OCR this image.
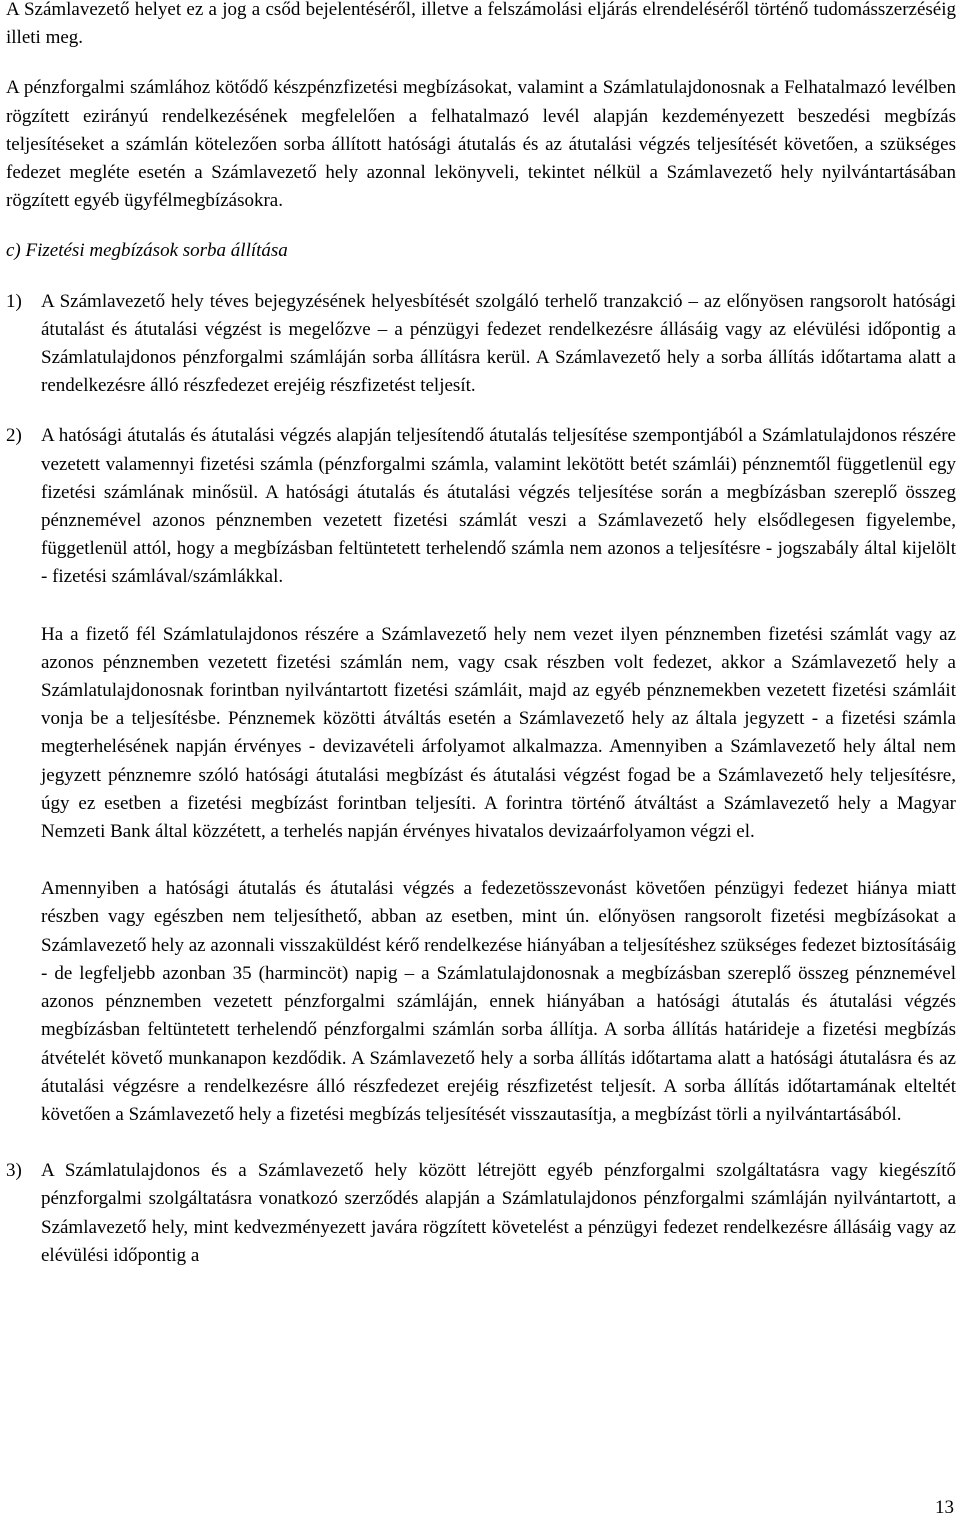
A Számlavezető helyet ez a jog a csőd bejelentéséről, illetve a felszámolási eljárás elrendeléséről történő tudomásszerzéséig illeti meg.

A pénzforgalmi számlához kötődő készpénzfizetési megbízásokat, valamint a Számlatulajdonosnak a Felhatalmazó levélben rögzített ezirányú rendelkezésének megfelelően a felhatalmazó levél alapján kezdeményezett beszedési megbízás teljesítéseket a számlán kötelezően sorba állított hatósági átutalás és az átutalási végzés teljesítését követően, a szükséges fedezet megléte esetén a Számlavezető hely azonnal lekönyveli, tekintet nélkül a Számlavezető hely nyilvántartásában rögzített egyéb ügyfélmegbízásokra.

c) Fizetési megbízások sorba állítása

1)	A Számlavezető hely téves bejegyzésének helyesbítését szolgáló terhelő tranzakció – az előnyösen rangsorolt hatósági átutalást és átutalási végzést is megelőzve – a pénzügyi fedezet rendelkezésre állásáig vagy az elévülési időpontig a Számlatulajdonos pénzforgalmi számláján sorba állításra kerül. A Számlavezető hely a sorba állítás időtartama alatt a rendelkezésre álló részfedezet erejéig részfizetést teljesít.
2)	A hatósági átutalás és átutalási végzés alapján teljesítendő átutalás teljesítése szempontjából a Számlatulajdonos részére vezetett valamennyi fizetési számla (pénzforgalmi számla, valamint lekötött betét számlái) pénznemtől függetlenül egy fizetési számlának minősül. A hatósági átutalás és átutalási végzés teljesítése során a megbízásban szereplő összeg pénznemével azonos pénznemben vezetett fizetési számlát veszi a Számlavezető hely elsődlegesen figyelembe, függetlenül attól, hogy a megbízásban feltüntetett terhelendő számla nem azonos a teljesítésre - jogszabály által kijelölt - fizetési számlával/számlákkal.

Ha a fizető fél Számlatulajdonos részére a Számlavezető hely nem vezet ilyen pénznemben fizetési számlát vagy az azonos pénznemben vezetett fizetési számlán nem, vagy csak részben volt fedezet, akkor a Számlavezető hely a Számlatulajdonosnak forintban nyilvántartott fizetési számláit, majd az egyéb pénznemekben vezetett fizetési számláit vonja be a teljesítésbe. Pénznemek közötti átváltás esetén a Számlavezető hely az általa jegyzett - a fizetési számla megterhelésének napján érvényes - devizavételi árfolyamot alkalmazza. Amennyiben a Számlavezető hely által nem jegyzett pénznemre szóló hatósági átutalási megbízást és átutalási végzést fogad be a Számlavezető hely teljesítésre, úgy ez esetben a fizetési megbízást forintban teljesíti. A forintra történő átváltást a Számlavezető hely a Magyar Nemzeti Bank által közzétett, a terhelés napján érvényes hivatalos devizaárfolyamon végzi el.

Amennyiben a hatósági átutalás és átutalási végzés a fedezetösszevonást követően pénzügyi fedezet hiánya miatt részben vagy egészben nem teljesíthető, abban az esetben, mint ún. előnyösen rangsorolt fizetési megbízásokat a Számlavezető hely az azonnali visszaküldést kérő rendelkezése hiányában a teljesítéshez szükséges fedezet biztosításáig - de legfeljebb azonban 35 (harmincöt) napig – a Számlatulajdonosnak a megbízásban szereplő összeg pénznemével azonos pénznemben vezetett pénzforgalmi számláján, ennek hiányában a hatósági átutalás és átutalási végzés megbízásban feltüntetett terhelendő pénzforgalmi számlán sorba állítja. A sorba állítás határideje a fizetési megbízás átvételét követő munkanapon kezdődik. A Számlavezető hely a sorba állítás időtartama alatt a hatósági átutalásra és az átutalási végzésre a rendelkezésre álló részfedezet erejéig részfizetést teljesít. A sorba állítás időtartamának elteltét követően a Számlavezető hely a fizetési megbízás teljesítését visszautasítja, a megbízást törli a nyilvántartásából.

3)	A Számlatulajdonos és a Számlavezető hely között létrejött egyéb pénzforgalmi szolgáltatásra vagy kiegészítő pénzforgalmi szolgáltatásra vonatkozó szerződés alapján a Számlatulajdonos pénzforgalmi számláján nyilvántartott, a Számlavezető hely, mint kedvezményezett javára rögzített követelést a pénzügyi fedezet rendelkezésre állásáig vagy az elévülési időpontig a
13
